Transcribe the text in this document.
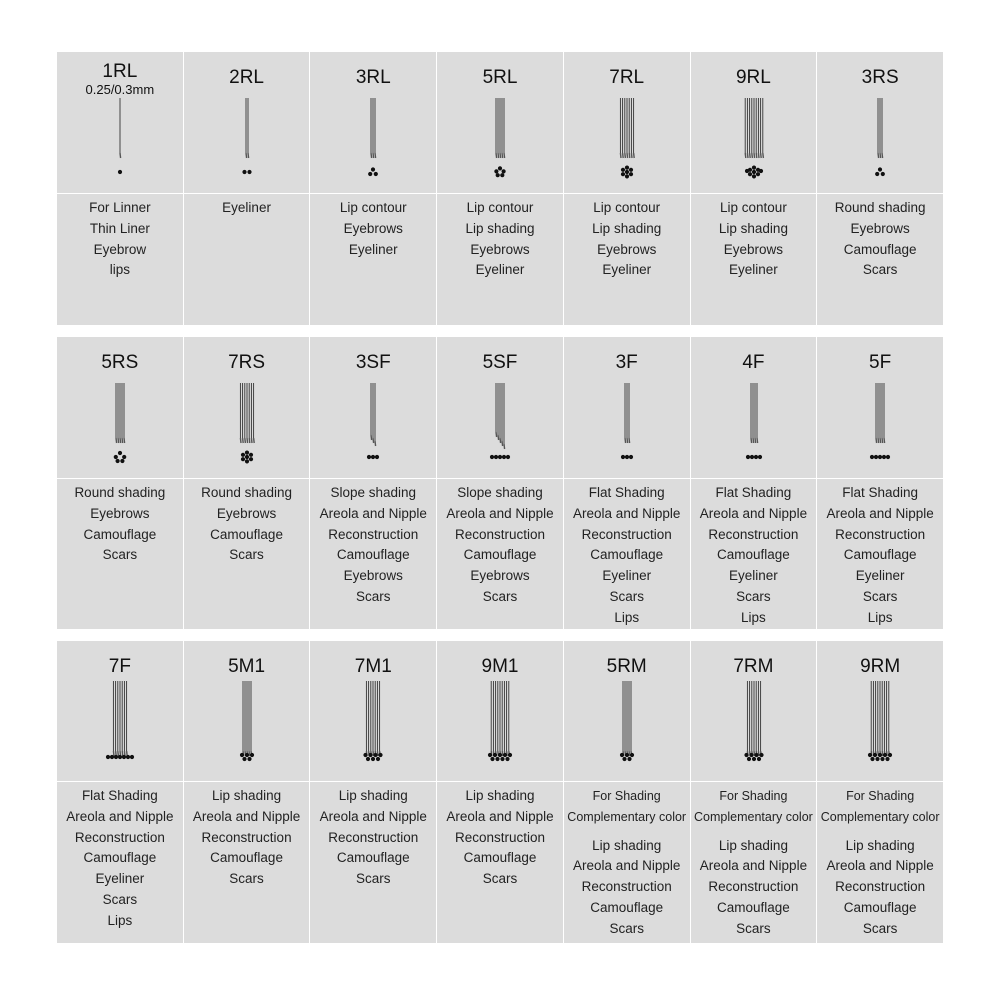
1RL
0.25/0.3mm
For Linner
Thin Liner
Eyebrow
lips
2RL
Eyeliner
3RL
Lip contour
Eyebrows
Eyeliner
5RL
Lip contour
Lip shading
Eyebrows
Eyeliner
7RL
Lip contour
Lip shading
Eyebrows
Eyeliner
9RL
Lip contour
Lip shading
Eyebrows
Eyeliner
3RS
Round shading
Eyebrows
Camouflage
Scars
5RS
Round shading
Eyebrows
Camouflage
Scars
7RS
Round shading
Eyebrows
Camouflage
Scars
3SF
Slope shading
Areola and Nipple
Reconstruction
Camouflage
Eyebrows
Scars
5SF
Slope shading
Areola and Nipple
Reconstruction
Camouflage
Eyebrows
Scars
3F
Flat Shading
Areola and Nipple
Reconstruction
Camouflage
Eyeliner
Scars
Lips
4F
Flat Shading
Areola and Nipple
Reconstruction
Camouflage
Eyeliner
Scars
Lips
5F
Flat Shading
Areola and Nipple
Reconstruction
Camouflage
Eyeliner
Scars
Lips
7F
Flat Shading
Areola and Nipple
Reconstruction
Camouflage
Eyeliner
Scars
Lips
5M1
Lip shading
Areola and Nipple
Reconstruction
Camouflage
Scars
7M1
Lip shading
Areola and Nipple
Reconstruction
Camouflage
Scars
9M1
Lip shading
Areola and Nipple
Reconstruction
Camouflage
Scars
5RM
For Shading
Complementary color
Lip shading
Areola and Nipple
Reconstruction
Camouflage
Scars
7RM
For Shading
Complementary color
Lip shading
Areola and Nipple
Reconstruction
Camouflage
Scars
9RM
For Shading
Complementary color
Lip shading
Areola and Nipple
Reconstruction
Camouflage
Scars
